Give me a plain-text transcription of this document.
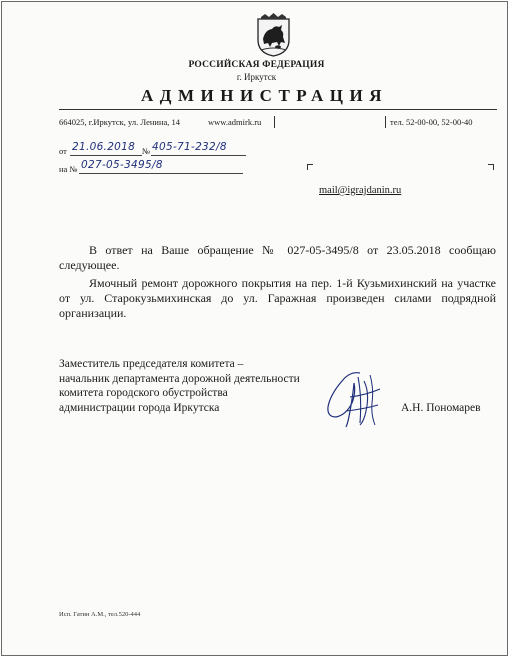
РОССИЙСКАЯ ФЕДЕРАЦИЯ
г. Иркутск
АДМИНИСТРАЦИЯ
664025, г.Иркутск, ул. Ленина, 14	www.admirk.ru	тел. 52-00-00, 52-00-40
от 21.06.2018 № 405-71-232/8
на № 027-05-3495/8
mail@igrajdanin.ru
В ответ на Ваше обращение № 027-05-3495/8 от 23.05.2018 сообщаю следующее.
Ямочный ремонт дорожного покрытия на пер. 1-й Кузьмихинский на участке от ул. Старокузьмихинская до ул. Гаражная произведен силами подрядной организации.
Заместитель председателя комитета –
начальник департамента дорожной деятельности
комитета городского обустройства
администрации города Иркутска	А.Н. Пономарев
Исп. Гатин А.М., тел.520-444
